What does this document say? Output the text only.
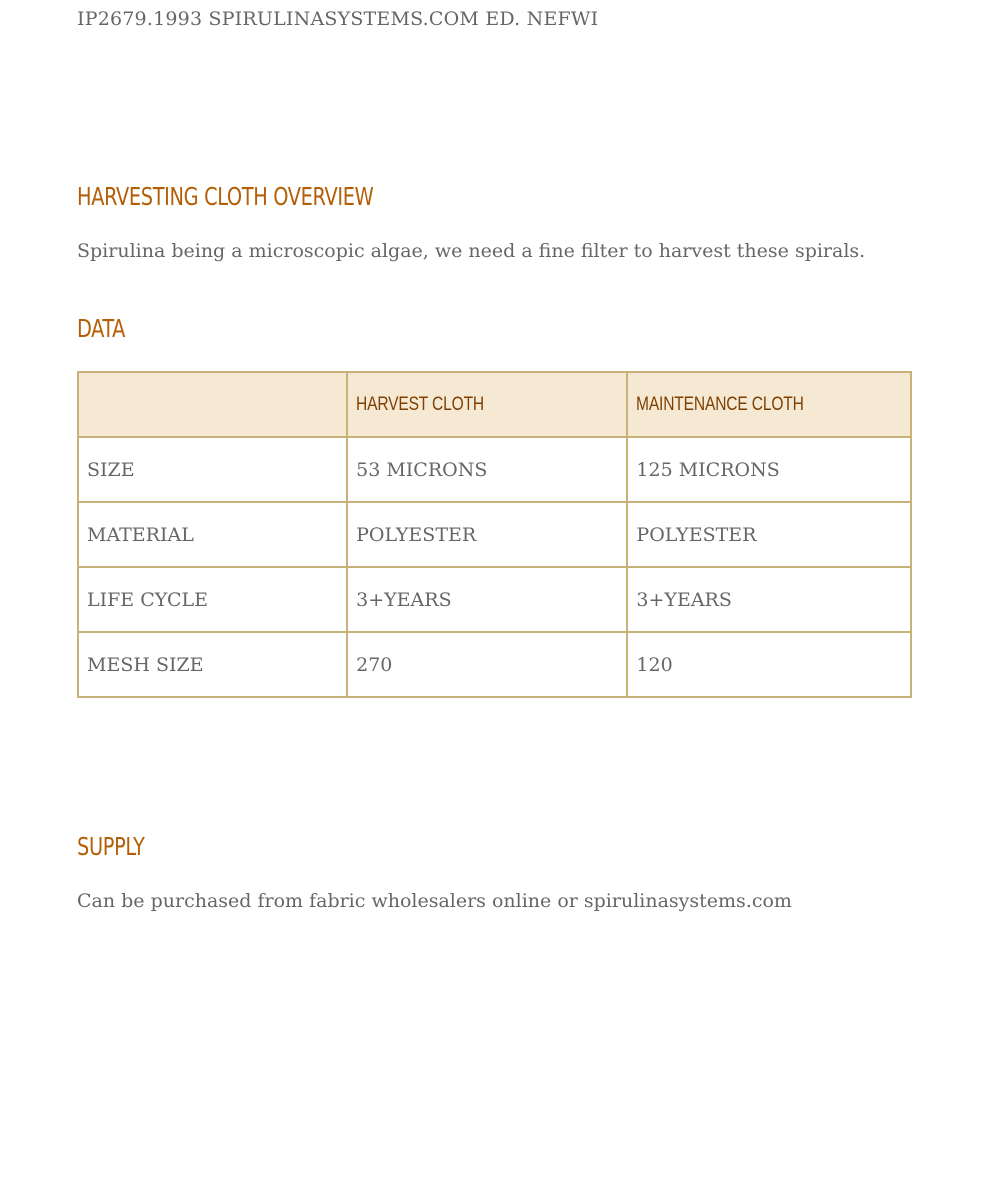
IP2679.1993 SPIRULINASYSTEMS.COM ED. NEFWI
HARVESTING CLOTH OVERVIEW

Spirulina being a microscopic algae, we need a fine filter to harvest these spirals.

DATA
	HARVEST CLOTH	MAINTENANCE CLOTH
SIZE	53 MICRONS	125 MICRONS
MATERIAL	POLYESTER	POLYESTER
LIFE CYCLE	3+YEARS	3+YEARS
MESH SIZE	270	120
SUPPLY

Can be purchased from fabric wholesalers online or spirulinasystems.com
